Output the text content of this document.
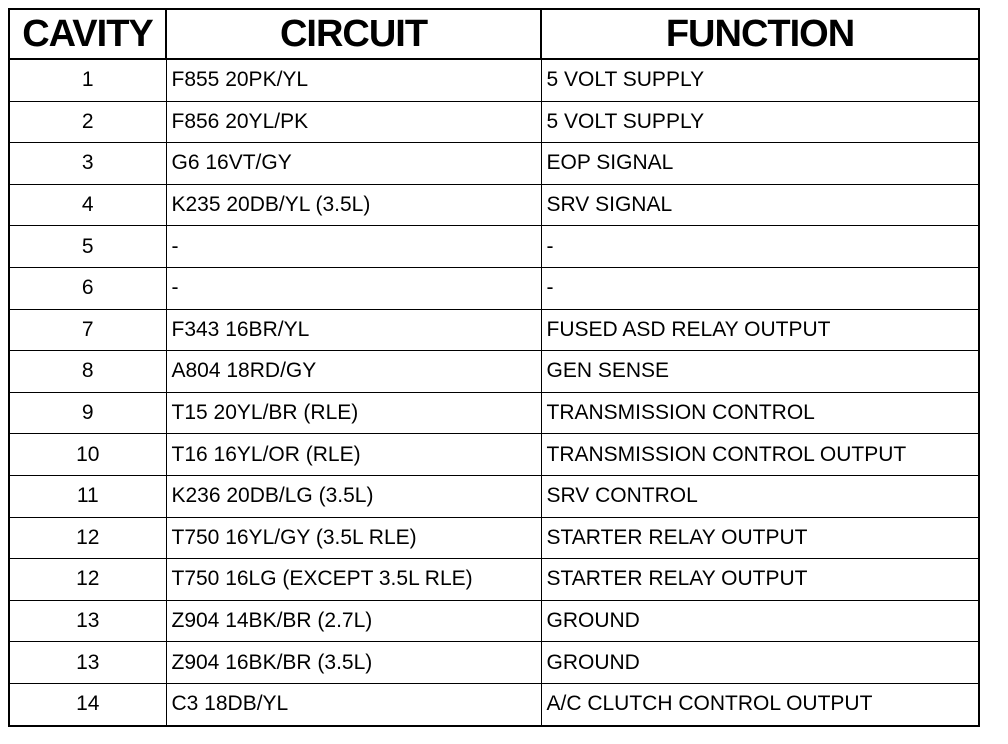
CAVITY	CIRCUIT	FUNCTION
1	F855 20PK/YL	5 VOLT SUPPLY
2	F856 20YL/PK	5 VOLT SUPPLY
3	G6 16VT/GY	EOP SIGNAL
4	K235 20DB/YL (3.5L)	SRV SIGNAL
5	-	-
6	-	-
7	F343 16BR/YL	FUSED ASD RELAY OUTPUT
8	A804 18RD/GY	GEN SENSE
9	T15 20YL/BR (RLE)	TRANSMISSION CONTROL
10	T16 16YL/OR (RLE)	TRANSMISSION CONTROL OUTPUT
11	K236 20DB/LG (3.5L)	SRV CONTROL
12	T750 16YL/GY (3.5L RLE)	STARTER RELAY OUTPUT
12	T750 16LG (EXCEPT 3.5L RLE)	STARTER RELAY OUTPUT
13	Z904 14BK/BR (2.7L)	GROUND
13	Z904 16BK/BR (3.5L)	GROUND
14	C3 18DB/YL	A/C CLUTCH CONTROL OUTPUT
